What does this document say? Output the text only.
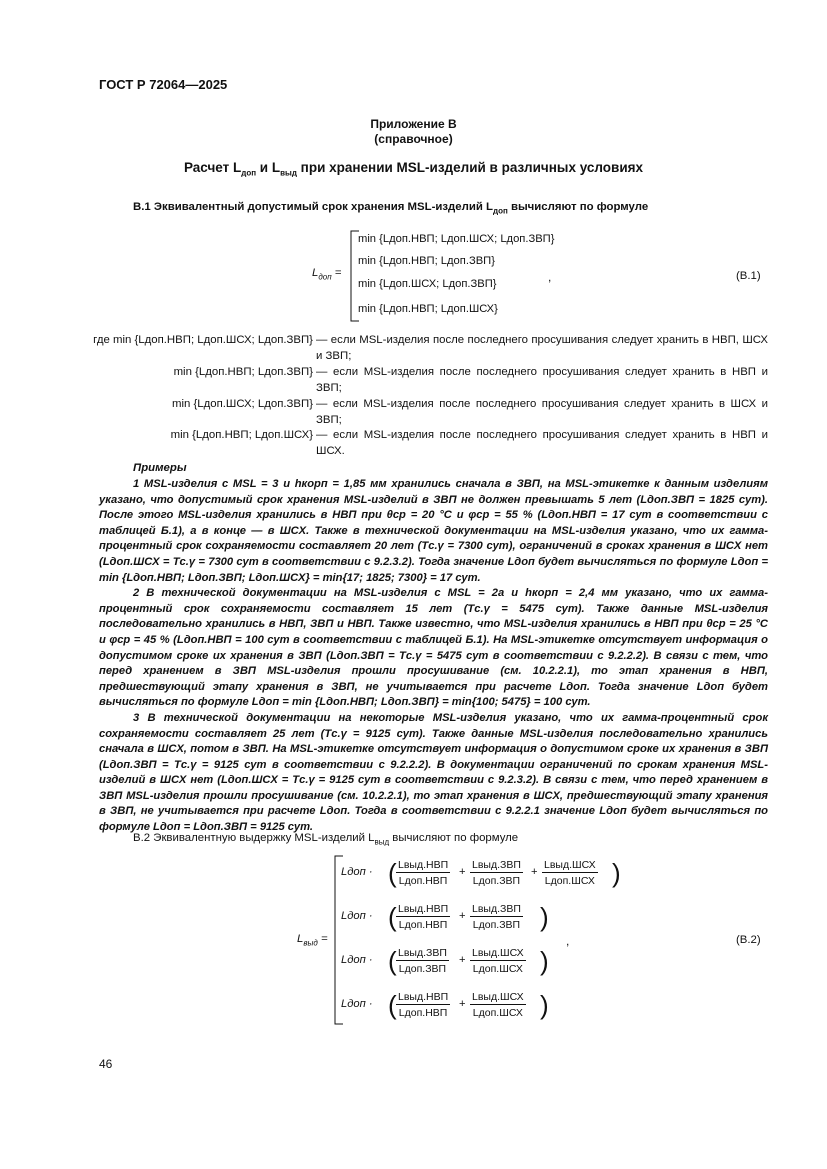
ГОСТ Р 72064—2025
Приложение В
(справочное)
Расчет $L_{доп}$ и $L_{выд}$ при хранении MSL-изделий в различных условиях
В.1 Эквивалентный допустимый срок хранения MSL-изделий $L_{доп}$ вычисляют по формуле
$L_{доп}$ =
min {Lдоп.НВП; Lдоп.ШСХ; Lдоп.ЗВП}
min {Lдоп.НВП; Lдоп.ЗВП}
min {Lдоп.ШСХ; Lдоп.ЗВП}
min {Lдоп.НВП; Lдоп.ШСХ}
,	(В.1)
где min {Lдоп.НВП; Lдоп.ШСХ; Lдоп.ЗВП} — если MSL-изделия после последнего просушивания следует хранить в НВП, ШСХ и ЗВП;
min {Lдоп.НВП; Lдоп.ЗВП} — если MSL-изделия после последнего просушивания следует хранить в НВП и ЗВП;
min {Lдоп.ШСХ; Lдоп.ЗВП} — если MSL-изделия после последнего просушивания следует хранить в ШСХ и ЗВП;
min {Lдоп.НВП; Lдоп.ШСХ} — если MSL-изделия после последнего просушивания следует хранить в НВП и ШСХ.
Примеры

1 MSL-изделия с MSL = 3 и hкорп = 1,85 мм хранились сначала в ЗВП, на MSL-этикетке к данным изделиям указано, что допустимый срок хранения MSL-изделий в ЗВП не должен превышать 5 лет (Lдоп.ЗВП = 1825 сут). После этого MSL-изделия хранились в НВП при θср = 20 °С и φср = 55 % (Lдоп.НВП = 17 сут в соответствии с таблицей Б.1), а в конце — в ШСХ. Также в технической документации на MSL-изделия указано, что их гамма-процентный срок сохраняемости составляет 20 лет (Tс.γ = 7300 сут), ограничений в сроках хранения в ШСХ нет (Lдоп.ШСХ = Tс.γ = 7300 сут в соответствии с 9.2.3.2). Тогда значение Lдоп будет вычисляться по формуле Lдоп = min {Lдоп.НВП; Lдоп.ЗВП; Lдоп.ШСХ} = min{17; 1825; 7300} = 17 сут.

2 В технической документации на MSL-изделия с MSL = 2а и hкорп = 2,4 мм указано, что их гамма-процентный срок сохраняемости составляет 15 лет (Tс.γ = 5475 сут). Также данные MSL-изделия последовательно хранились в НВП, ЗВП и НВП. Также известно, что MSL-изделия хранились в НВП при θср = 25 °С и φср = 45 % (Lдоп.НВП = 100 сут в соответствии с таблицей Б.1). На MSL-этикетке отсутствует информация о допустимом сроке их хранения в ЗВП (Lдоп.ЗВП = Tс.γ = 5475 сут в соответствии с 9.2.2.2). В связи с тем, что перед хранением в ЗВП MSL-изделия прошли просушивание (см. 10.2.2.1), то этап хранения в НВП, предшествующий этапу хранения в ЗВП, не учитывается при расчете Lдоп. Тогда значение Lдоп будет вычисляться по формуле Lдоп = min {Lдоп.НВП; Lдоп.ЗВП} = min{100; 5475} = 100 сут.

3 В технической документации на некоторые MSL-изделия указано, что их гамма-процентный срок сохраняемости составляет 25 лет (Tс.γ = 9125 сут). Также данные MSL-изделия последовательно хранились сначала в ШСХ, потом в ЗВП. На MSL-этикетке отсутствует информация о допустимом сроке их хранения в ЗВП (Lдоп.ЗВП = Tс.γ = 9125 сут в соответствии с 9.2.2.2). В документации ограничений по срокам хранения MSL-изделий в ШСХ нет (Lдоп.ШСХ = Tс.γ = 9125 сут в соответствии с 9.2.3.2). В связи с тем, что перед хранением в ЗВП MSL-изделия прошли просушивание (см. 10.2.2.1), то этап хранения в ШСХ, предшествующий этапу хранения в ЗВП, не учитывается при расчете Lдоп. Тогда в соответствии с 9.2.2.1 значение Lдоп будет вычисляться по формуле Lдоп = Lдоп.ЗВП = 9125 сут.

В.2 Эквивалентную выдержку MSL-изделий $L_{выд}$ вычисляют по формуле
$L_{выд}$ =
Lдоп · ( Lвыд.НВП
Lдоп.НВП
+
Lвыд.ЗВП
Lдоп.ЗВП
+
Lвыд.ШСХ
Lдоп.ШСХ )
Lдоп · ( Lвыд.НВП
Lдоп.НВП
+
Lвыд.ЗВП
Lдоп.ЗВП )
Lдоп · ( Lвыд.ЗВП
Lдоп.ЗВП
+
Lвыд.ШСХ
Lдоп.ШСХ )
Lдоп · ( Lвыд.НВП
Lдоп.НВП
+
Lвыд.ШСХ
Lдоп.ШСХ )
,	(В.2)
46
